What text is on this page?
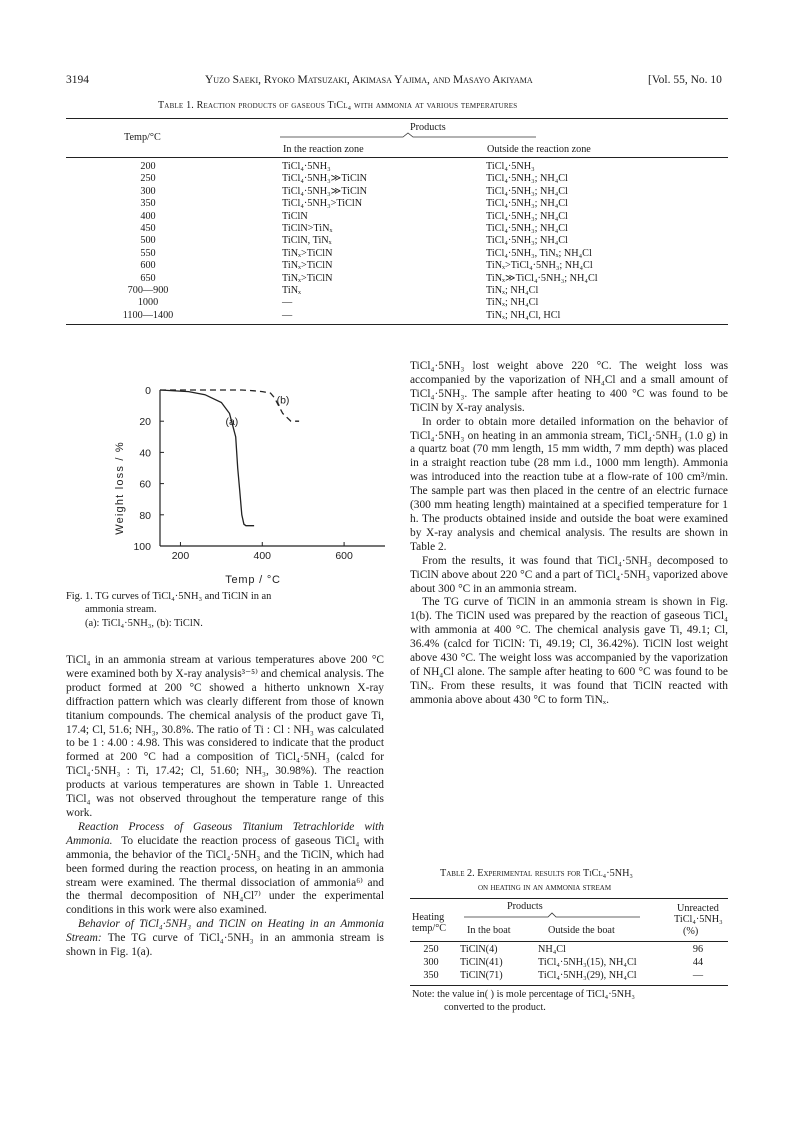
3194	Yuzo Saeki, Ryoko Matsuzaki, Akimasa Yajima, and Masayo Akiyama	[Vol. 55, No. 10
Table 1. Reaction products of gaseous TiCl₄ with ammonia at various temperatures
Products
Temp/°C
In the reaction zone	Outside the reaction zone
200	TiCl₄·5NH₃	TiCl₄·5NH₃
250	TiCl₄·5NH₃≫TiClN	TiCl₄·5NH₃; NH₄Cl
300	TiCl₄·5NH₃≫TiClN	TiCl₄·5NH₃; NH₄Cl
350	TiCl₄·5NH₃>TiClN	TiCl₄·5NH₃; NH₄Cl
400	TiClN	TiCl₄·5NH₃; NH₄Cl
450	TiClN>TiNₓ	TiCl₄·5NH₃; NH₄Cl
500	TiClN, TiNₓ	TiCl₄·5NH₃; NH₄Cl
550	TiNₓ>TiClN	TiCl₄·5NH₃, TiNₓ; NH₄Cl
600	TiNₓ>TiClN	TiNₓ>TiCl₄·5NH₃; NH₄Cl
650	TiNₓ>TiClN	TiNₓ≫TiCl₄·5NH₃; NH₄Cl
700—900	TiNₓ	TiNₓ; NH₄Cl
1000	—	TiNₓ; NH₄Cl
1100—1400	—	TiNₓ; NH₄Cl, HCl
Weight loss / %
Temp / °C
0
20
40
60
80
100
200	400	600
(a)
(b)
Fig. 1. TG curves of TiCl₄·5NH₃ and TiClN in an
ammonia stream.
(a): TiCl₄·5NH₃, (b): TiClN.

TiCl₄ in an ammonia stream at various temperatures above 200 °C were examined both by X-ray analysis³⁻⁵⁾ and chemical analysis. The product formed at 200 °C showed a hitherto unknown X-ray diffraction pattern which was clearly different from those of known titanium compounds. The chemical analysis of the product gave Ti, 17.4; Cl, 51.6; NH₃, 30.8%. The ratio of Ti : Cl : NH₃ was calculated to be 1 : 4.00 : 4.98. This was considered to indicate that the product formed at 200 °C had a composition of TiCl₄·5NH₃ (calcd for TiCl₄·5NH₃ : Ti, 17.42; Cl, 51.60; NH₃, 30.98%). The reaction products at various temperatures are shown in Table 1. Unreacted TiCl₄ was not observed throughout the temperature range of this work.

Reaction Process of Gaseous Titanium Tetrachloride with Ammonia. To elucidate the reaction process of gaseous TiCl₄ with ammonia, the behavior of the TiCl₄·5NH₃ and the TiClN, which had been formed during the reaction process, on heating in an ammonia stream were examined. The thermal dissociation of ammonia⁶⁾ and the thermal decomposition of NH₄Cl⁷⁾ under the experimental conditions in this work were also examined.

Behavior of TiCl₄·5NH₃ and TiClN on Heating in an Ammonia Stream: The TG curve of TiCl₄·5NH₃ in an ammonia stream is shown in Fig. 1(a).

TiCl₄·5NH₃ lost weight above 220 °C. The weight loss was accompanied by the vaporization of NH₄Cl and a small amount of TiCl₄·5NH₃. The sample after heating to 400 °C was found to be TiClN by X-ray analysis.

In order to obtain more detailed information on the behavior of TiCl₄·5NH₃ on heating in an ammonia stream, TiCl₄·5NH₃ (1.0 g) in a quartz boat (70 mm length, 15 mm width, 7 mm depth) was placed in a straight reaction tube (28 mm i.d., 1000 mm length). Ammonia was introduced into the reaction tube at a flow-rate of 100 cm³/min. The sample part was then placed in the centre of an electric furnace (300 mm heating length) maintained at a specified temperature for 1 h. The products obtained inside and outside the boat were examined by X-ray analysis and chemical analysis. The results are shown in Table 2.

From the results, it was found that TiCl₄·5NH₃ decomposed to TiClN above about 220 °C and a part of TiCl₄·5NH₃ vaporized above about 300 °C in an ammonia stream.

The TG curve of TiClN in an ammonia stream is shown in Fig. 1(b). The TiClN used was prepared by the reaction of gaseous TiCl₄ with ammonia at 400 °C. The chemical analysis gave Ti, 49.1; Cl, 36.4% (calcd for TiClN: Ti, 49.19; Cl, 36.42%). TiClN lost weight above 430 °C. The weight loss was accompanied by the vaporization of NH₄Cl alone. The sample after heating to 600 °C was found to be TiNₓ. From these results, it was found that TiClN reacted with ammonia above about 430 °C to form TiNₓ.

Table 2. Experimental results for TiCl₄·5NH₃
on heating in an ammonia stream
Products	Unreacted
Heating	TiCl₄·5NH₃
temp/°C In the boat	Outside the boat	(%)
250	TiClN(4)	NH₄Cl	96
300	TiClN(41)	TiCl₄·5NH₃(15), NH₄Cl	44
350	TiClN(71)	TiCl₄·5NH₃(29), NH₄Cl	—
Note: the value in( ) is mole percentage of TiCl₄·5NH₃
converted to the product.
